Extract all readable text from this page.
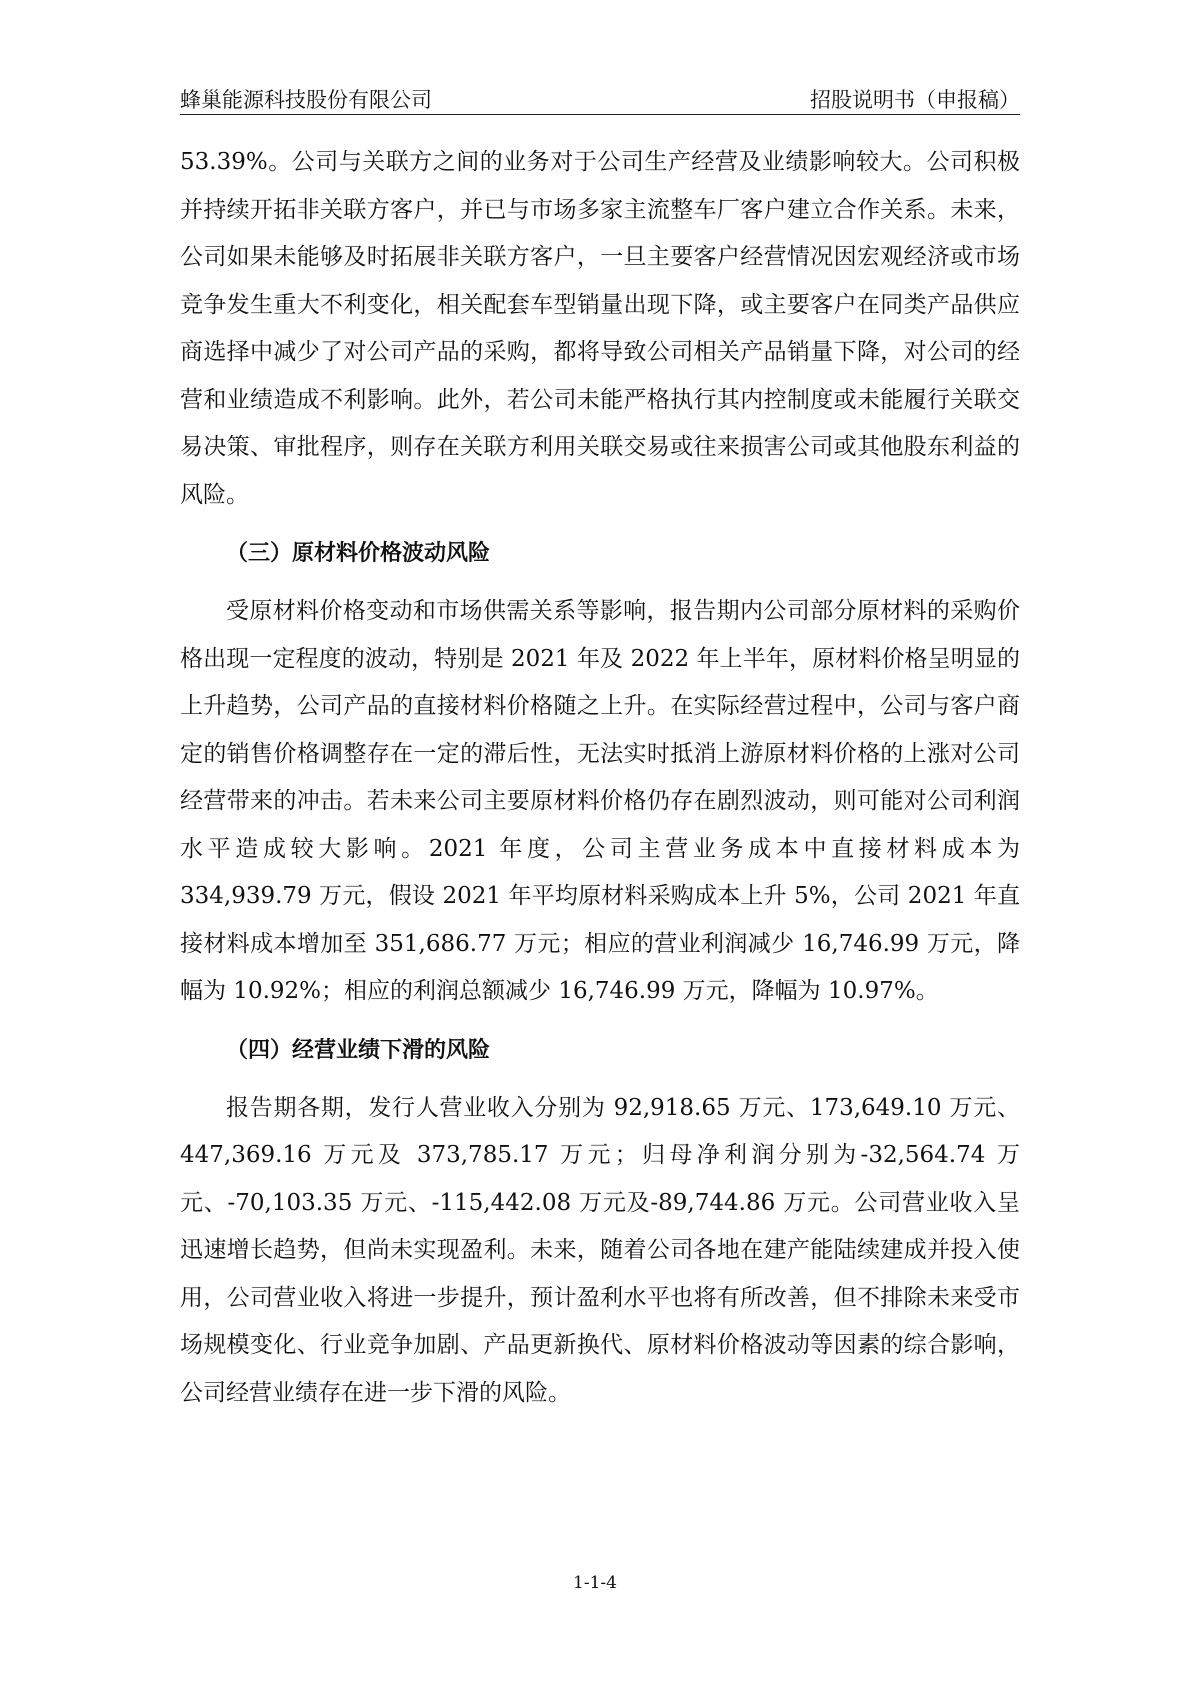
蜂巢能源科技股份有限公司	招股说明书（申报稿）

53.39%。公司与关联方之间的业务对于公司生产经营及业绩影响较大。公司积极并持续开拓非关联方客户，并已与市场多家主流整车厂客户建立合作关系。未来，公司如果未能够及时拓展非关联方客户，一旦主要客户经营情况因宏观经济或市场竞争发生重大不利变化，相关配套车型销量出现下降，或主要客户在同类产品供应商选择中减少了对公司产品的采购，都将导致公司相关产品销量下降，对公司的经营和业绩造成不利影响。此外，若公司未能严格执行其内控制度或未能履行关联交易决策、审批程序，则存在关联方利用关联交易或往来损害公司或其他股东利益的风险。

（三）原材料价格波动风险

受原材料价格变动和市场供需关系等影响，报告期内公司部分原材料的采购价格出现一定程度的波动，特别是 2021 年及 2022 年上半年，原材料价格呈明显的上升趋势，公司产品的直接材料价格随之上升。在实际经营过程中，公司与客户商定的销售价格调整存在一定的滞后性，无法实时抵消上游原材料价格的上涨对公司经营带来的冲击。若未来公司主要原材料价格仍存在剧烈波动，则可能对公司利润水平造成较大影响。2021 年度，公司主营业务成本中直接材料成本为 334,939.79 万元，假设 2021 年平均原材料采购成本上升 5%，公司 2021 年直接材料成本增加至 351,686.77 万元；相应的营业利润减少 16,746.99 万元，降幅为 10.92%；相应的利润总额减少 16,746.99 万元，降幅为 10.97%。

（四）经营业绩下滑的风险

报告期各期，发行人营业收入分别为 92,918.65 万元、173,649.10 万元、447,369.16 万元及 373,785.17 万元；归母净利润分别为-32,564.74 万元、-70,103.35 万元、-115,442.08 万元及-89,744.86 万元。公司营业收入呈迅速增长趋势，但尚未实现盈利。未来，随着公司各地在建产能陆续建成并投入使用，公司营业收入将进一步提升，预计盈利水平也将有所改善，但不排除未来受市场规模变化、行业竞争加剧、产品更新换代、原材料价格波动等因素的综合影响，公司经营业绩存在进一步下滑的风险。

1-1-4
